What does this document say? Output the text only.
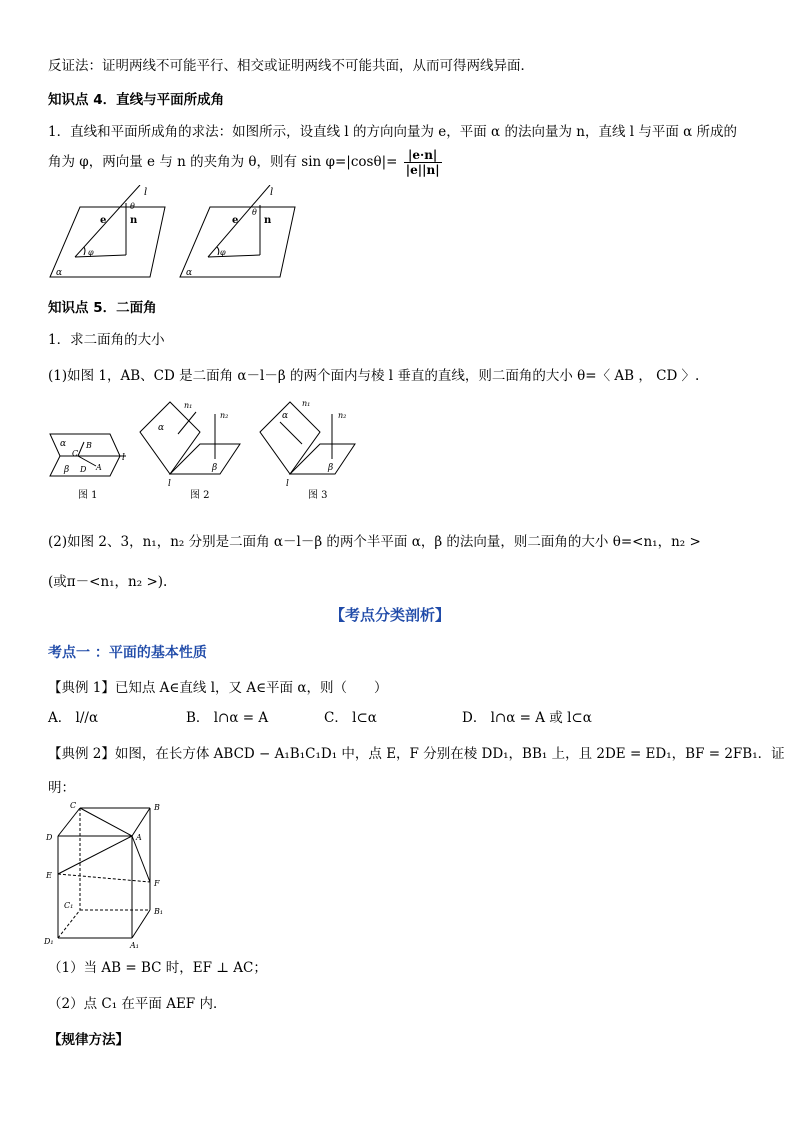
反证法：证明两线不可能平行、相交或证明两线不可能共面，从而可得两线异面．
知识点 4．直线与平面所成角
1．直线和平面所成角的求法：如图所示，设直线 l 的方向向量为 e，平面 α 的法向量为 n，直线 l 与平面 α 所成的
角为 φ，两向量 e 与 n 的夹角为 θ，则有 $\sin \varphi=|\cos\theta|= \frac{|e\cdot n|}{|e||n|}$
e n
l
θ
φ
α
e	n
l
θ
φ
α
知识点 5．二面角
1．求二面角的大小
(1)如图 1，AB、CD 是二面角 α－l－β 的两个面内与棱 l 垂直的直线，则二面角的大小 θ=〈 AB ， CD 〉.
α
β
B
C
D A
l
图 1
n₁
n₂
α
β
l
图 2
n₁
n₂
α
β
l
图 3
(2)如图 2、3，n₁，n₂ 分别是二面角 α－l－β 的两个半平面 α，β 的法向量，则二面角的大小 θ=<n₁，n₂ >
(或π－<n₁，n₂ >).
【考点分类剖析】
考点一 ：平面的基本性质
【典例 1】已知点 A∈直线 l，又 A∈平面 α，则（　　）
A． l//α	B． l∩α = A	C． l⊂α	D． l∩α = A 或 l⊂α
【典例 2】如图，在长方体 ABCD − A₁B₁C₁D₁ 中，点 E，F 分别在棱 DD₁，BB₁ 上，且 2DE = ED₁，BF = 2FB₁．证
明：
C	B
D	A
E
F
C₁
B₁
D₁	A₁
（1）当 AB = BC 时，EF ⊥ AC；
（2）点 C₁ 在平面 AEF 内．
【规律方法】
